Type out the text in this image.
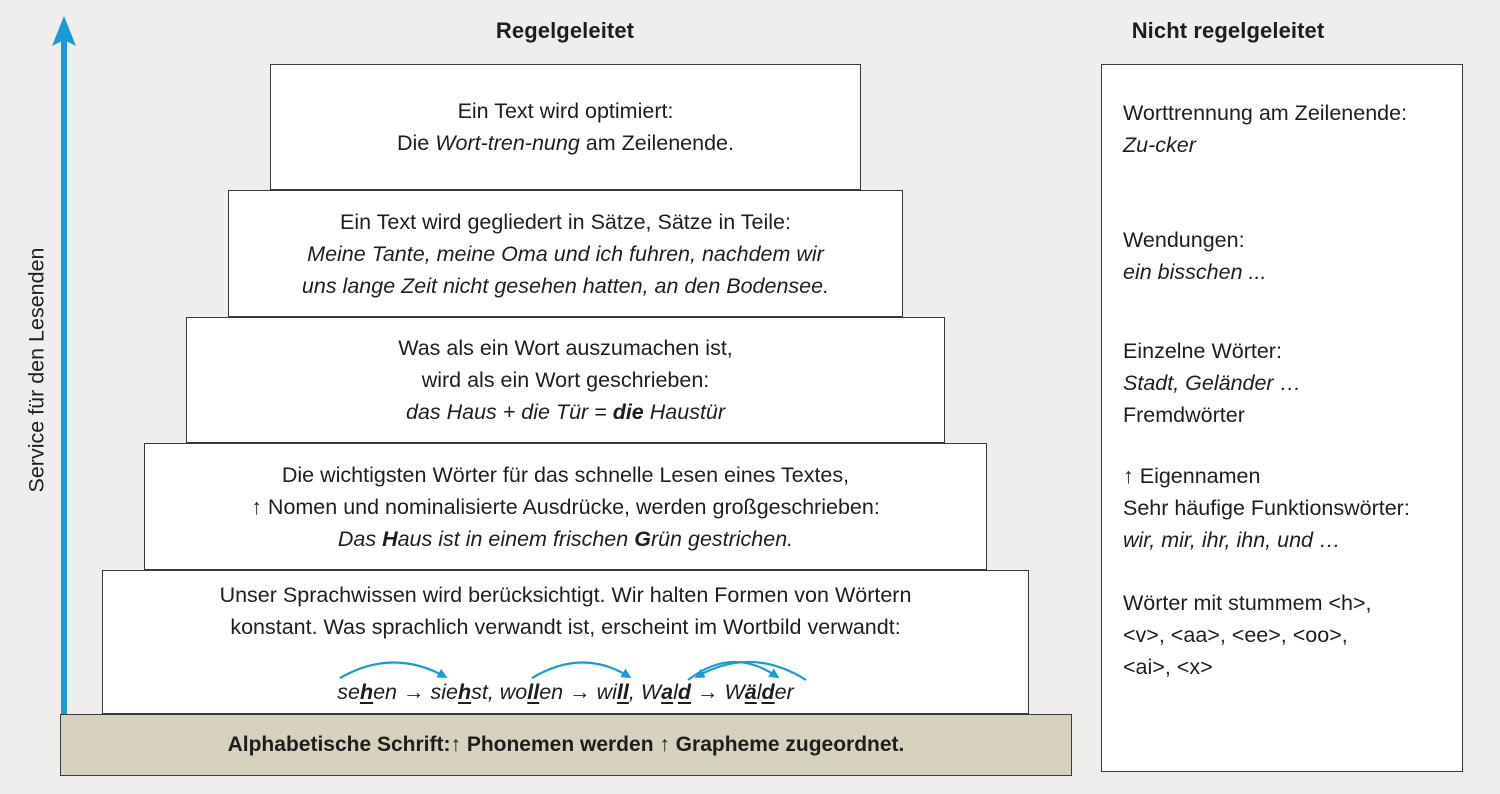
Service für den Lesenden
Regelgeleitet	Nicht regelgeleitet
Ein Text wird optimiert:
Die Wort-tren-nung am Zeilenende.
Ein Text wird gegliedert in Sätze, Sätze in Teile:
Meine Tante, meine Oma und ich fuhren, nachdem wir
uns lange Zeit nicht gesehen hatten, an den Bodensee.
Was als ein Wort auszumachen ist,
wird als ein Wort geschrieben:
das Haus + die Tür = die Haustür
Die wichtigsten Wörter für das schnelle Lesen eines Textes,
↑ Nomen und nominalisierte Ausdrücke, werden großgeschrieben:
Das Haus ist in einem frischen Grün gestrichen.
Unser Sprachwissen wird berücksichtigt. Wir halten Formen von Wörtern
konstant. Was sprachlich verwandt ist, erscheint im Wortbild verwandt:
sehen → siehst, wollen → will, Wald → Wälder
Alphabetische Schrift:↑ Phonemen werden ↑ Grapheme zugeordnet.
Worttrennung am Zeilenende:
Zu-cker
Wendungen:
ein bisschen ...
Einzelne Wörter:
Stadt, Geländer …
Fremdwörter
↑ Eigennamen
Sehr häufige Funktionswörter:
wir, mir, ihr, ihn, und …
Wörter mit stummem <h>,
<v>, <aa>, <ee>, <oo>,
<ai>, <x>
